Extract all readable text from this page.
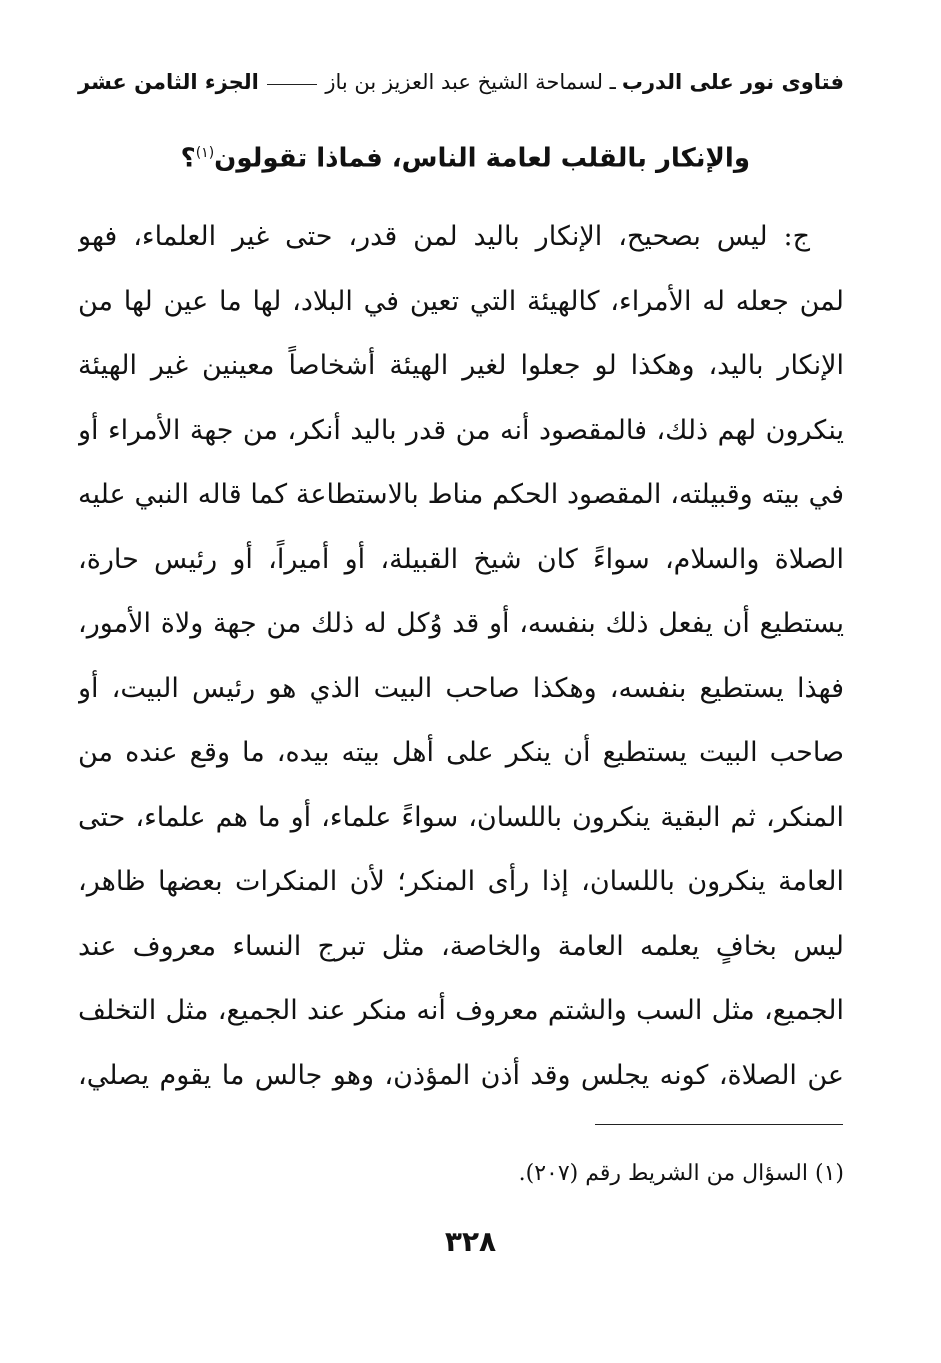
فتاوى نور على الدرب
ـ لسماحة الشيخ عبد العزيز بن باز
الجزء الثامن عشر
والإنكار بالقلب لعامة الناس، فماذا تقولون$^{(١)}$؟
ج: ليس بصحيح، الإنكار باليد لمن قدر، حتى غير العلماء، فهو
لمن جعله له الأمراء، كالهيئة التي تعين في البلاد، لها ما عين لها من
الإنكار باليد، وهكذا لو جعلوا لغير الهيئة أشخاصاً معينين غير الهيئة
ينكرون لهم ذلك، فالمقصود أنه من قدر باليد أنكر، من جهة الأمراء أو
في بيته وقبيلته، المقصود الحكم مناط بالاستطاعة كما قاله النبي عليه
الصلاة والسلام، سواءً كان شيخ القبيلة، أو أميراً، أو رئيس حارة،
يستطيع أن يفعل ذلك بنفسه، أو قد وُكل له ذلك من جهة ولاة الأمور،
فهذا يستطيع بنفسه، وهكذا صاحب البيت الذي هو رئيس البيت، أو
صاحب البيت يستطيع أن ينكر على أهل بيته بيده، ما وقع عنده من
المنكر، ثم البقية ينكرون باللسان، سواءً علماء، أو ما هم علماء، حتى
العامة ينكرون باللسان، إذا رأى المنكر؛ لأن المنكرات بعضها ظاهر،
ليس بخافٍ يعلمه العامة والخاصة، مثل تبرج النساء معروف عند
الجميع، مثل السب والشتم معروف أنه منكر عند الجميع، مثل التخلف
عن الصلاة، كونه يجلس وقد أذن المؤذن، وهو جالس ما يقوم يصلي،
(١) السؤال من الشريط رقم (٢٠٧).
٣٢٨
